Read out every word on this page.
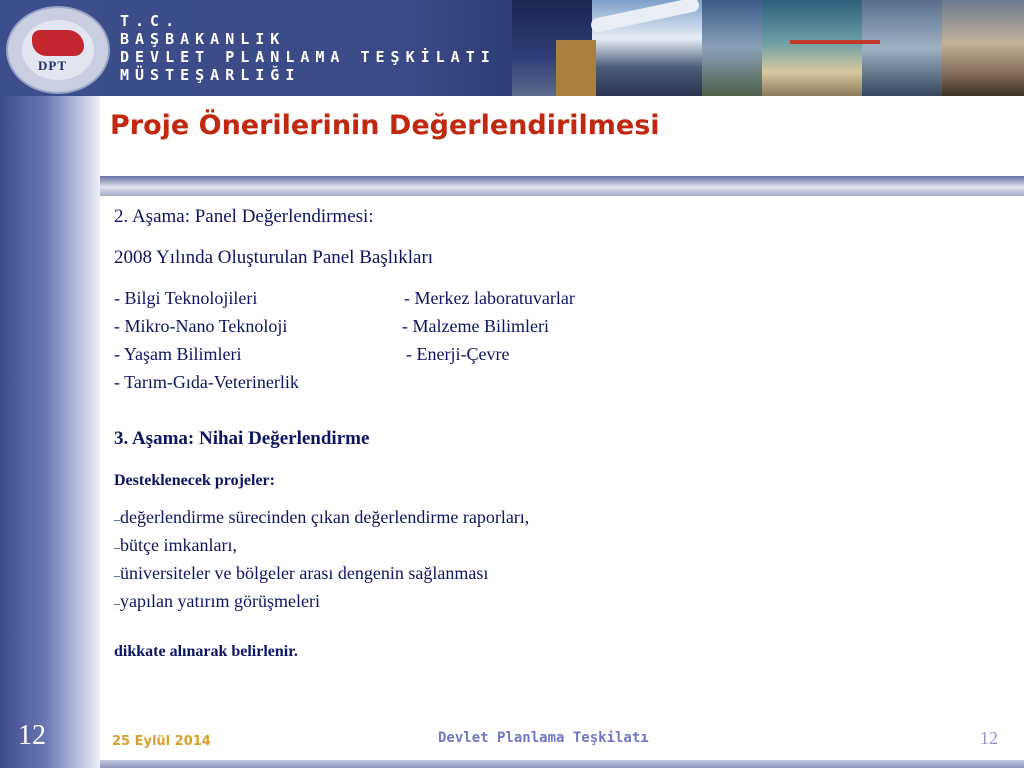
DPT
T.C.
BAŞBAKANLIK
DEVLET PLANLAMA TEŞKİLATI
MÜSTEŞARLIĞI
Proje Önerilerinin Değerlendirilmesi
2. Aşama: Panel Değerlendirmesi:
2008 Yılında Oluşturulan Panel Başlıkları
- Bilgi Teknolojileri
- Mikro-Nano Teknoloji
- Yaşam Bilimleri
- Tarım-Gıda-Veterinerlik
- Merkez laboratuvarlar
- Malzeme Bilimleri
- Enerji-Çevre
3. Aşama: Nihai Değerlendirme
Desteklenecek projeler:
–değerlendirme sürecinden çıkan değerlendirme raporları,
–bütçe imkanları,
–üniversiteler ve bölgeler arası dengenin sağlanması
–yapılan yatırım görüşmeleri
dikkate alınarak belirlenir.
12	25 Eylül 2014	Devlet Planlama Teşkilatı	12
